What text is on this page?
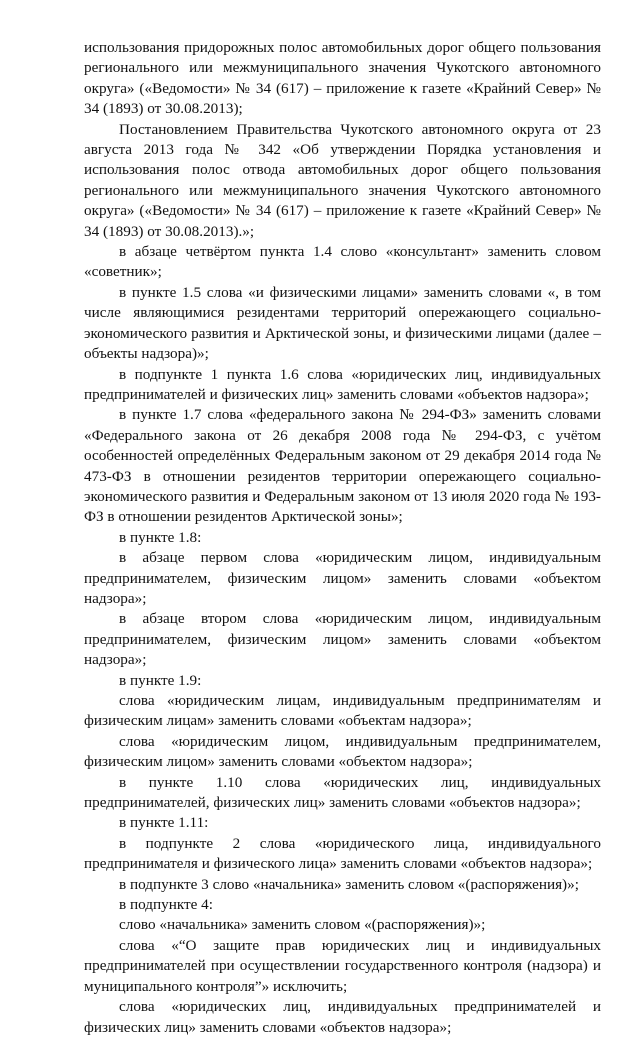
использования придорожных полос автомобильных дорог общего пользования регионального или межмуниципального значения Чукотского автономного округа» («Ведомости» № 34 (617) – приложение к газете «Крайний Север» № 34 (1893) от 30.08.2013);

Постановлением Правительства Чукотского автономного округа от 23 августа 2013 года № 342 «Об утверждении Порядка установления и использования полос отвода автомобильных дорог общего пользования регионального или межмуниципального значения Чукотского автономного округа» («Ведомости» № 34 (617) – приложение к газете «Крайний Север» № 34 (1893) от 30.08.2013).»;

в абзаце четвёртом пункта 1.4 слово «консультант» заменить словом «советник»;

в пункте 1.5 слова «и физическими лицами» заменить словами «, в том числе являющимися резидентами территорий опережающего социально-экономического развития и Арктической зоны, и физическими лицами (далее – объекты надзора)»;

в подпункте 1 пункта 1.6 слова «юридических лиц, индивидуальных предпринимателей и физических лиц» заменить словами «объектов надзора»;

в пункте 1.7 слова «федерального закона № 294-ФЗ» заменить словами «Федерального закона от 26 декабря 2008 года № 294-ФЗ, с учётом особенностей определённых Федеральным законом от 29 декабря 2014 года № 473-ФЗ в отношении резидентов территории опережающего социально-экономического развития и Федеральным законом от 13 июля 2020 года № 193-ФЗ в отношении резидентов Арктической зоны»;

в пункте 1.8:

в абзаце первом слова «юридическим лицом, индивидуальным предпринимателем, физическим лицом» заменить словами «объектом надзора»;

в абзаце втором слова «юридическим лицом, индивидуальным предпринимателем, физическим лицом» заменить словами «объектом надзора»;

в пункте 1.9:

слова «юридическим лицам, индивидуальным предпринимателям и физическим лицам» заменить словами «объектам надзора»;

слова «юридическим лицом, индивидуальным предпринимателем, физическим лицом» заменить словами «объектом надзора»;

в пункте 1.10 слова «юридических лиц, индивидуальных предпринимателей, физических лиц» заменить словами «объектов надзора»;

в пункте 1.11:

в подпункте 2 слова «юридического лица, индивидуального предпринимателя и физического лица» заменить словами «объектов надзора»;

в подпункте 3 слово «начальника» заменить словом «(распоряжения)»;

в подпункте 4:

слово «начальника» заменить словом «(распоряжения)»;

слова «“О защите прав юридических лиц и индивидуальных предпринимателей при осуществлении государственного контроля (надзора) и муниципального контроля”» исключить;

слова «юридических лиц, индивидуальных предпринимателей и физических лиц» заменить словами «объектов надзора»;
